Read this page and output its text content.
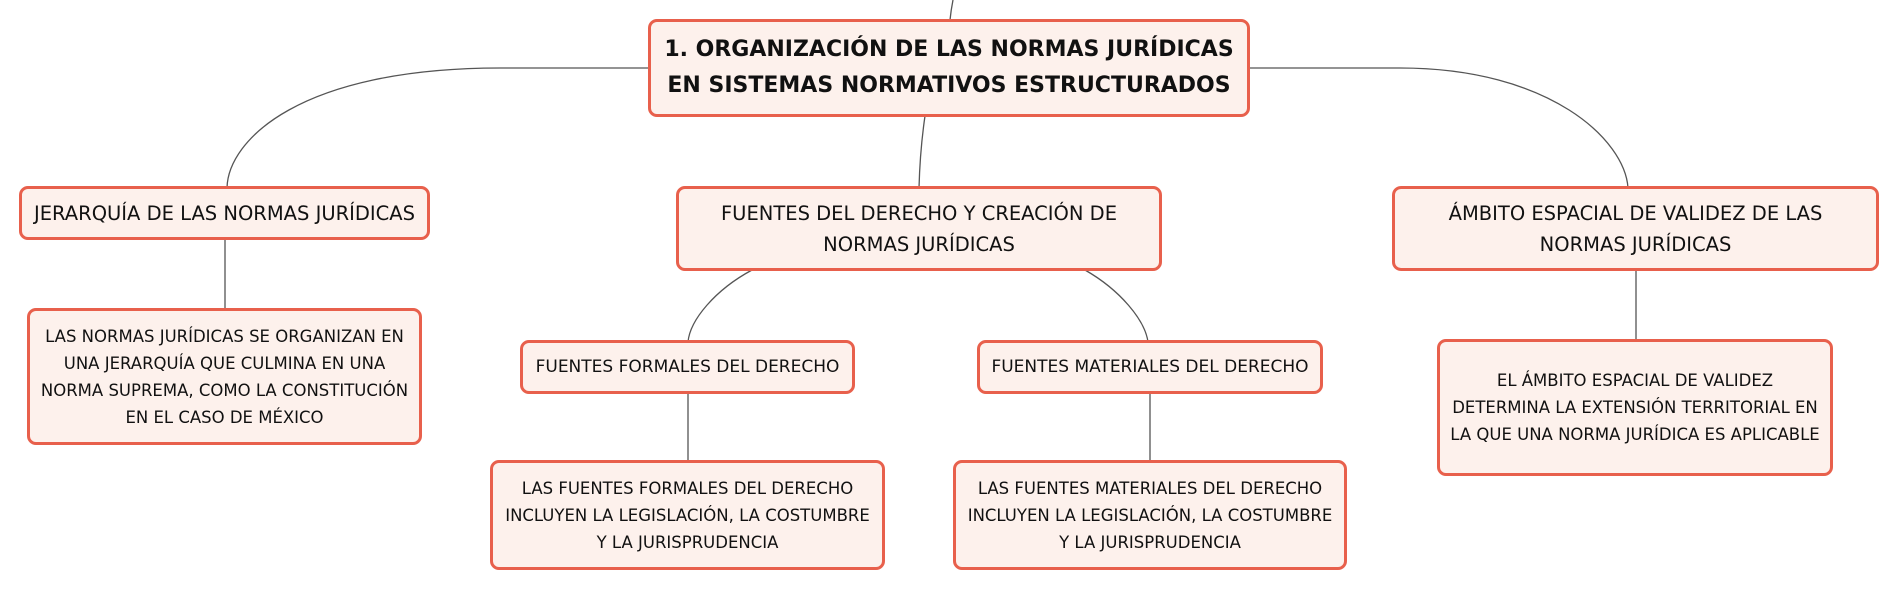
1. ORGANIZACIÓN DE LAS NORMAS JURÍDICAS EN SISTEMAS NORMATIVOS ESTRUCTURADOS
JERARQUÍA DE LAS NORMAS JURÍDICAS	FUENTES DEL DERECHO Y CREACIÓN DE NORMAS JURÍDICAS
ÁMBITO ESPACIAL DE VALIDEZ DE LAS NORMAS JURÍDICAS
LAS NORMAS JURÍDICAS SE ORGANIZAN EN UNA JERARQUÍA QUE CULMINA EN UNA NORMA SUPREMA, COMO LA CONSTITUCIÓN EN EL CASO DE MÉXICO
FUENTES FORMALES DEL DERECHO	FUENTES MATERIALES DEL DERECHO
LAS FUENTES FORMALES DEL DERECHO INCLUYEN LA LEGISLACIÓN, LA COSTUMBRE Y LA JURISPRUDENCIA
LAS FUENTES MATERIALES DEL DERECHO INCLUYEN LA LEGISLACIÓN, LA COSTUMBRE Y LA JURISPRUDENCIA
EL ÁMBITO ESPACIAL DE VALIDEZ DETERMINA LA EXTENSIÓN TERRITORIAL EN LA QUE UNA NORMA JURÍDICA ES APLICABLE
